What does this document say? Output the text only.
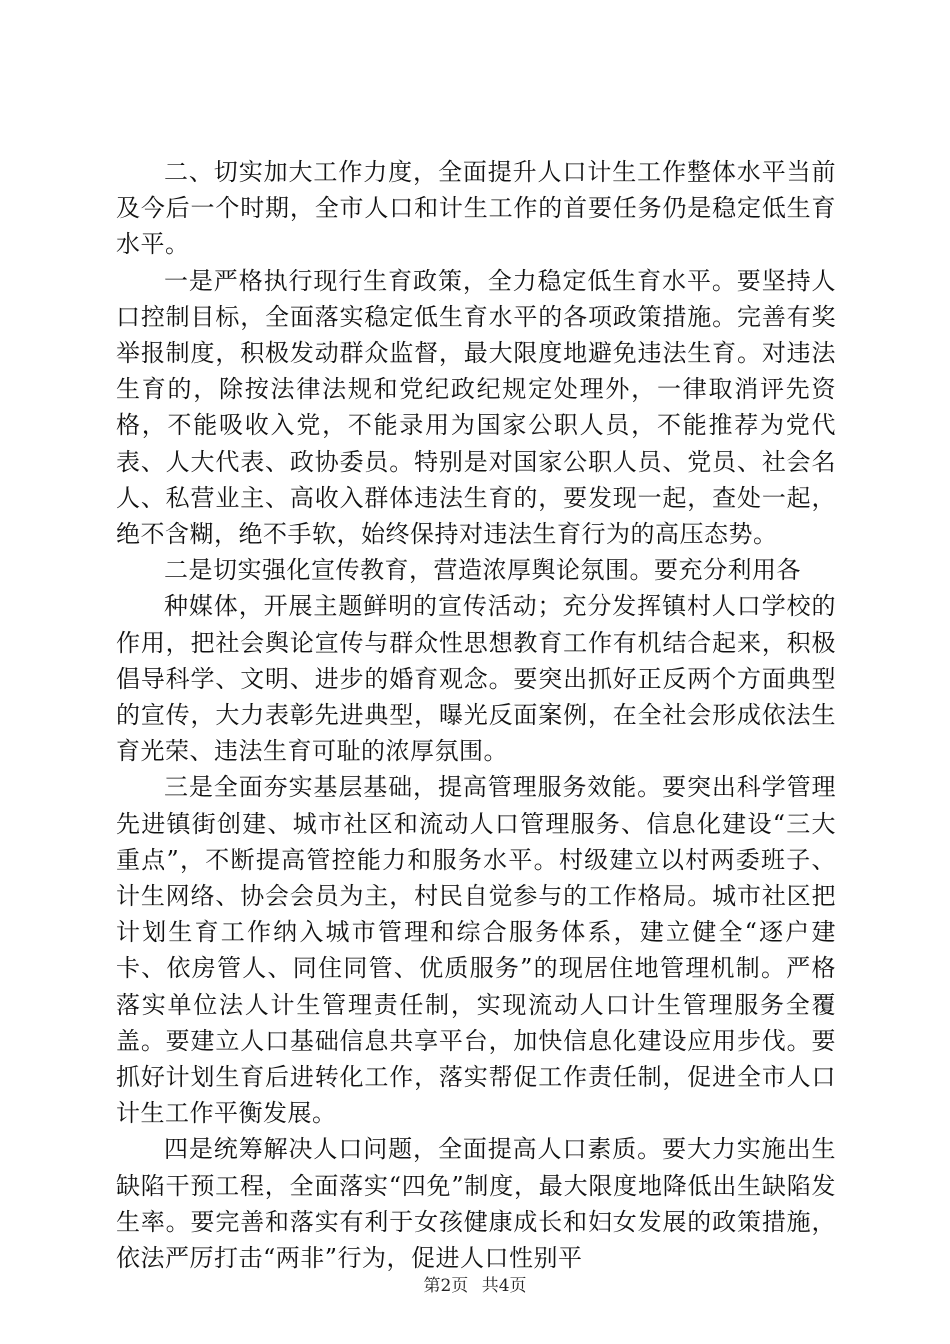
二、切实加大工作力度，全面提升人口计生工作整体水平当前及今后一个时期，全市人口和计生工作的首要任务仍是稳定低生育水平。

一是严格执行现行生育政策，全力稳定低生育水平。要坚持人口控制目标，全面落实稳定低生育水平的各项政策措施。完善有奖举报制度，积极发动群众监督，最大限度地避免违法生育。对违法生育的，除按法律法规和党纪政纪规定处理外，一律取消评先资格，不能吸收入党，不能录用为国家公职人员，不能推荐为党代表、人大代表、政协委员。特别是对国家公职人员、党员、社会名人、私营业主、高收入群体违法生育的，要发现一起，查处一起，绝不含糊，绝不手软，始终保持对违法生育行为的高压态势。

二是切实强化宣传教育，营造浓厚舆论氛围。要充分利用各

种媒体，开展主题鲜明的宣传活动；充分发挥镇村人口学校的作用，把社会舆论宣传与群众性思想教育工作有机结合起来，积极倡导科学、文明、进步的婚育观念。要突出抓好正反两个方面典型的宣传，大力表彰先进典型，曝光反面案例，在全社会形成依法生育光荣、违法生育可耻的浓厚氛围。

三是全面夯实基层基础，提高管理服务效能。要突出科学管理先进镇街创建、城市社区和流动人口管理服务、信息化建设“三大重点”，不断提高管控能力和服务水平。村级建立以村两委班子、计生网络、协会会员为主，村民自觉参与的工作格局。城市社区把计划生育工作纳入城市管理和综合服务体系，建立健全“逐户建卡、依房管人、同住同管、优质服务”的现居住地管理机制。严格落实单位法人计生管理责任制，实现流动人口计生管理服务全覆盖。要建立人口基础信息共享平台，加快信息化建设应用步伐。要抓好计划生育后进转化工作，落实帮促工作责任制，促进全市人口计生工作平衡发展。

四是统筹解决人口问题，全面提高人口素质。要大力实施出生缺陷干预工程，全面落实“四免”制度，最大限度地降低出生缺陷发生率。要完善和落实有利于女孩健康成长和妇女发展的政策措施，依法严厉打击“两非”行为，促进人口性别平

第2页 共4页
